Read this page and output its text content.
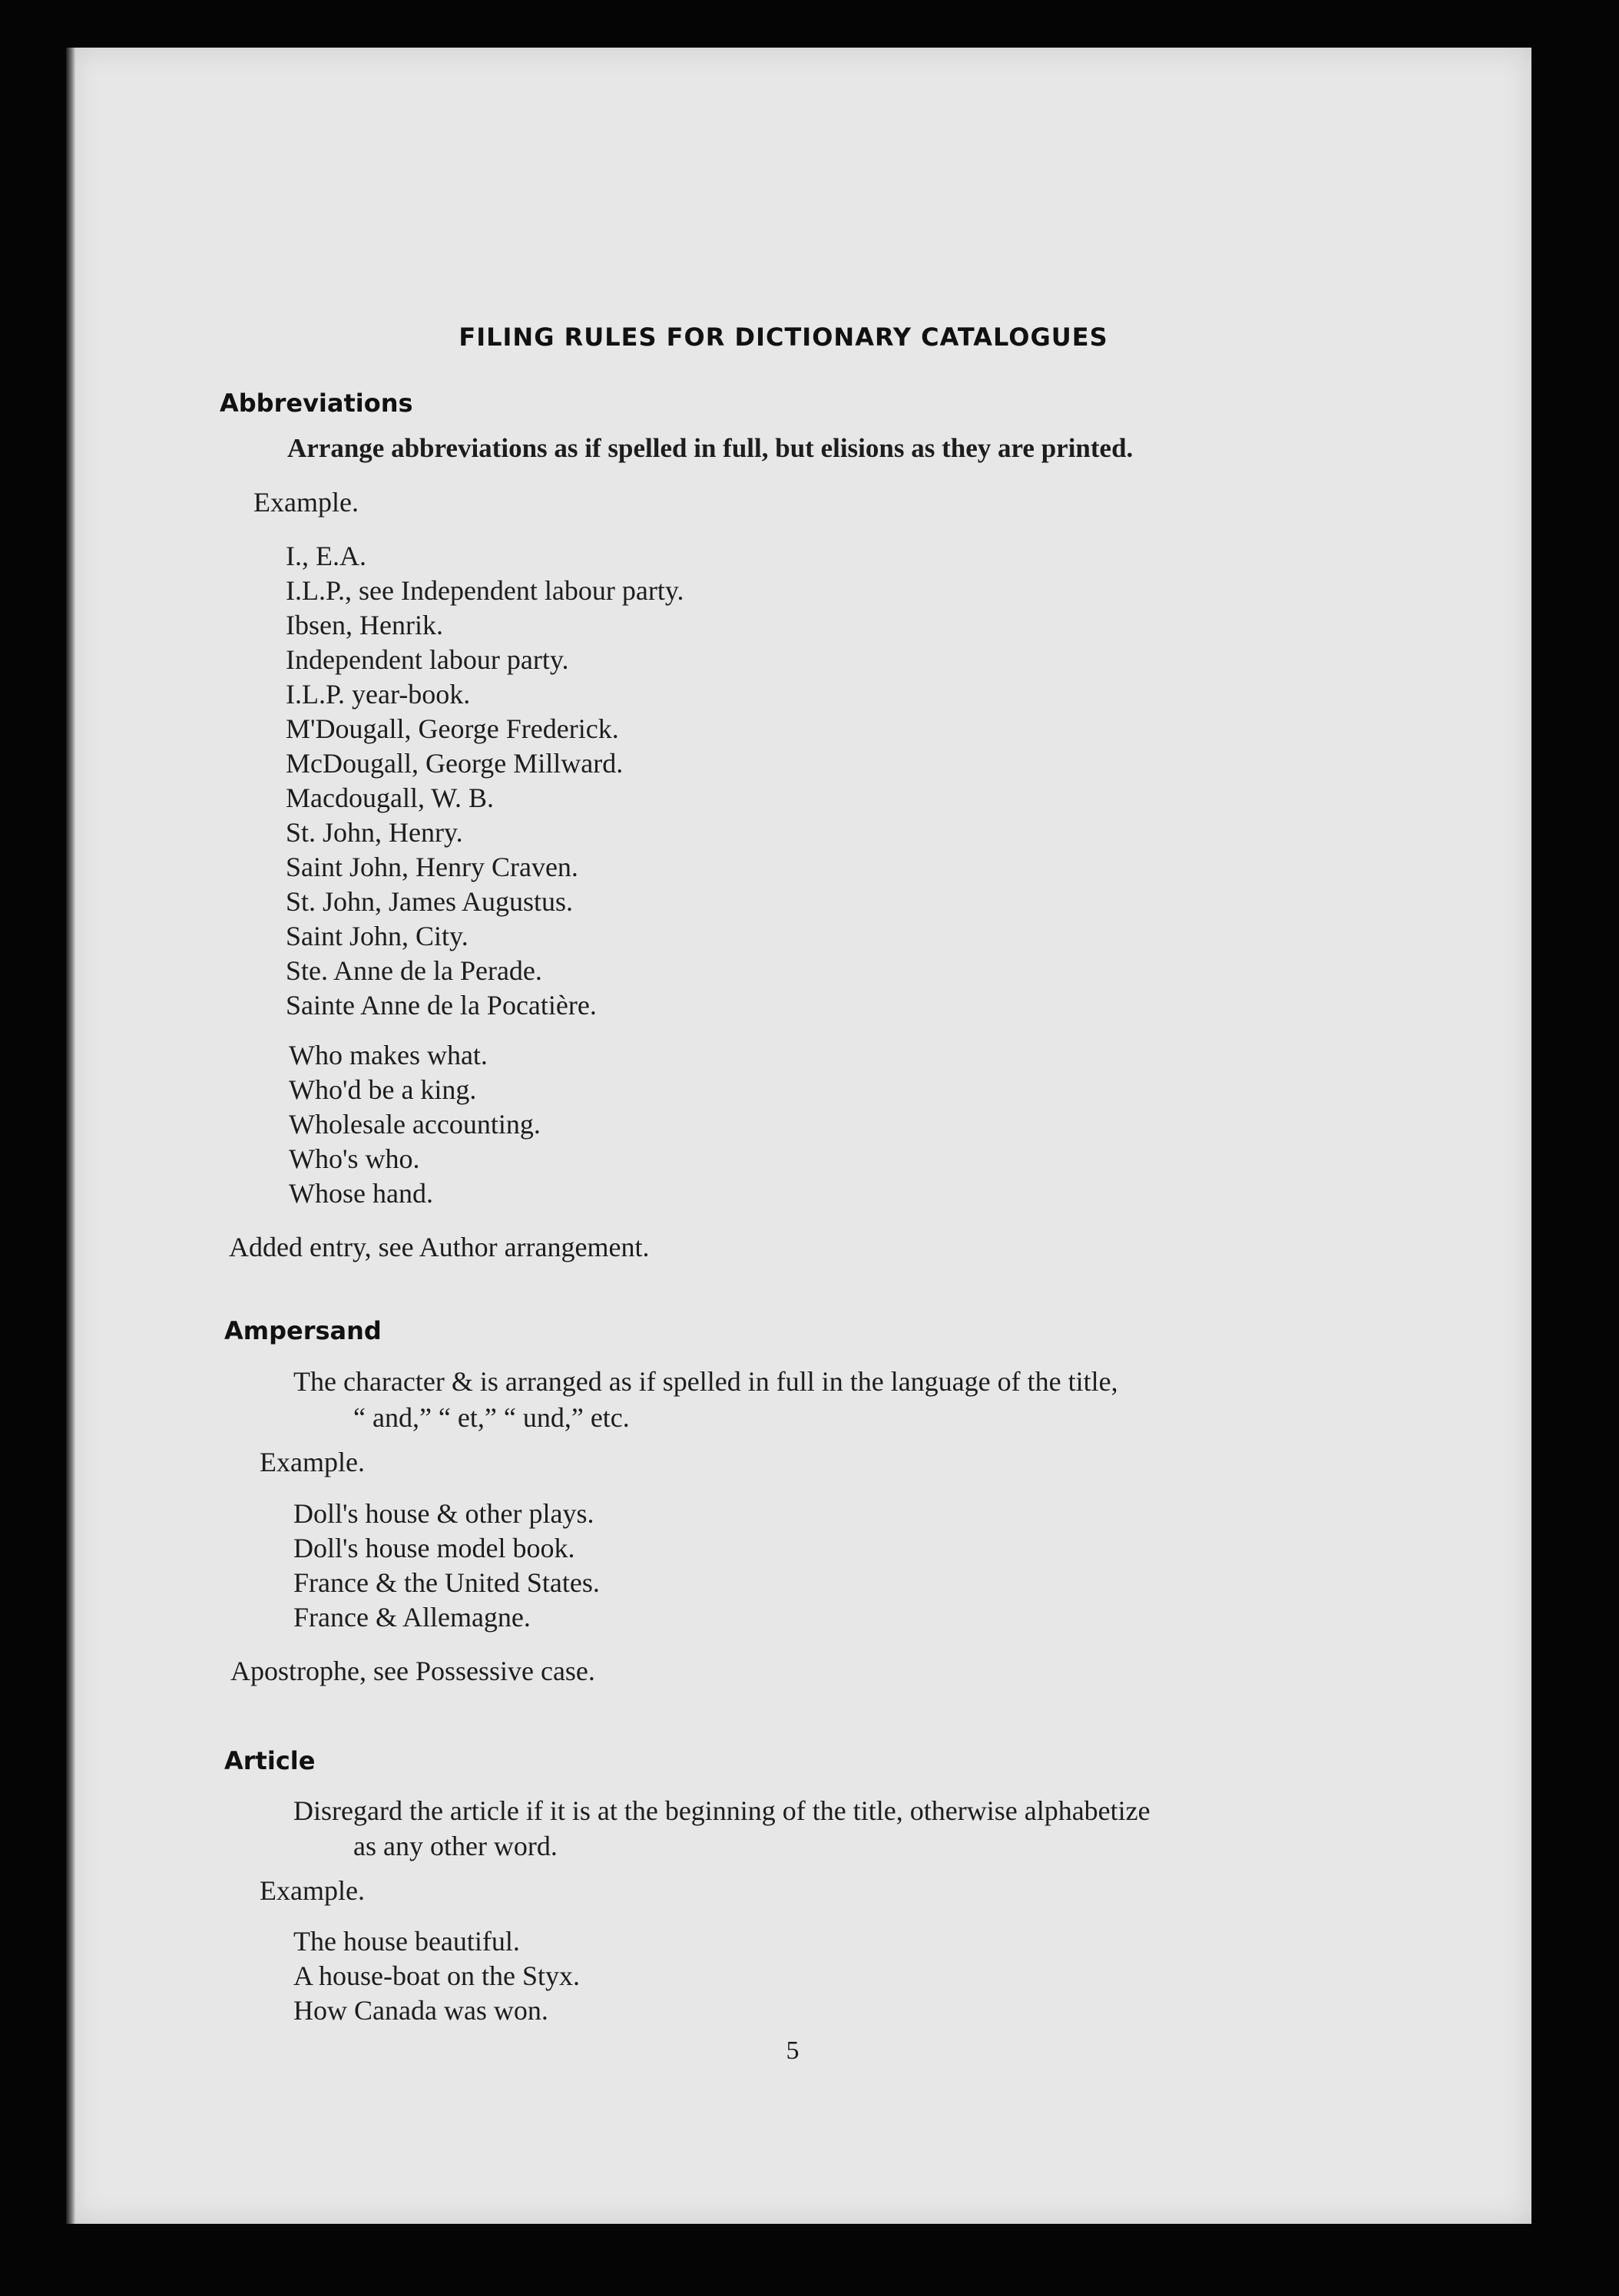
FILING RULES FOR DICTIONARY CATALOGUES
Abbreviations
Arrange abbreviations as if spelled in full, but elisions as they are printed.
Example.
I., E.A.
I.L.P., see Independent labour party.
Ibsen, Henrik.
Independent labour party.
I.L.P. year-book.
M'Dougall, George Frederick.
McDougall, George Millward.
Macdougall, W. B.
St. John, Henry.
Saint John, Henry Craven.
St. John, James Augustus.
Saint John, City.
Ste. Anne de la Perade.
Sainte Anne de la Pocatière.
Who makes what.
Who'd be a king.
Wholesale accounting.
Who's who.
Whose hand.
Added entry, see Author arrangement.
Ampersand
The character & is arranged as if spelled in full in the language of the title,
“ and,” “ et,” “ und,” etc.
Example.
Doll's house & other plays.
Doll's house model book.
France & the United States.
France & Allemagne.
Apostrophe, see Possessive case.
Article
Disregard the article if it is at the beginning of the title, otherwise alphabetize
as any other word.
Example.
The house beautiful.
A house-boat on the Styx.
How Canada was won.
5
